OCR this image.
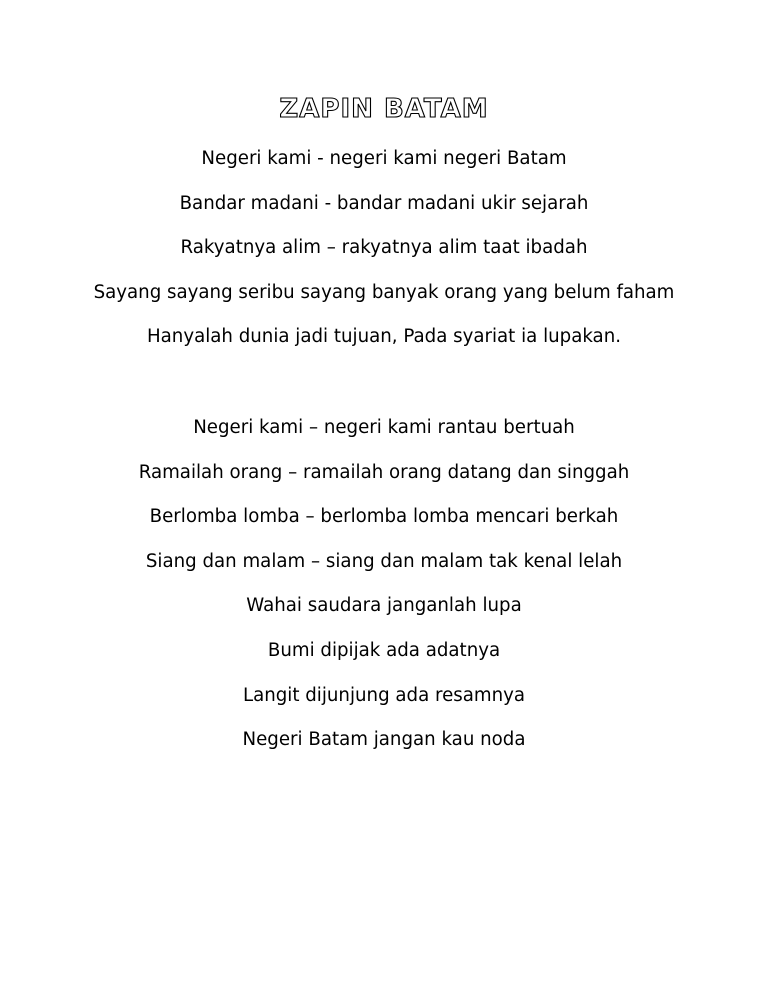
ZAPIN BATAM
Negeri kami - negeri kami negeri Batam
Bandar madani - bandar madani ukir sejarah
Rakyatnya alim – rakyatnya alim taat ibadah
Sayang sayang seribu sayang banyak orang yang belum faham
Hanyalah dunia jadi tujuan, Pada syariat ia lupakan.
Negeri kami – negeri kami rantau bertuah
Ramailah orang – ramailah orang datang dan singgah
Berlomba lomba – berlomba lomba mencari berkah
Siang dan malam – siang dan malam tak kenal lelah
Wahai saudara janganlah lupa
Bumi dipijak ada adatnya
Langit dijunjung ada resamnya
Negeri Batam jangan kau noda
